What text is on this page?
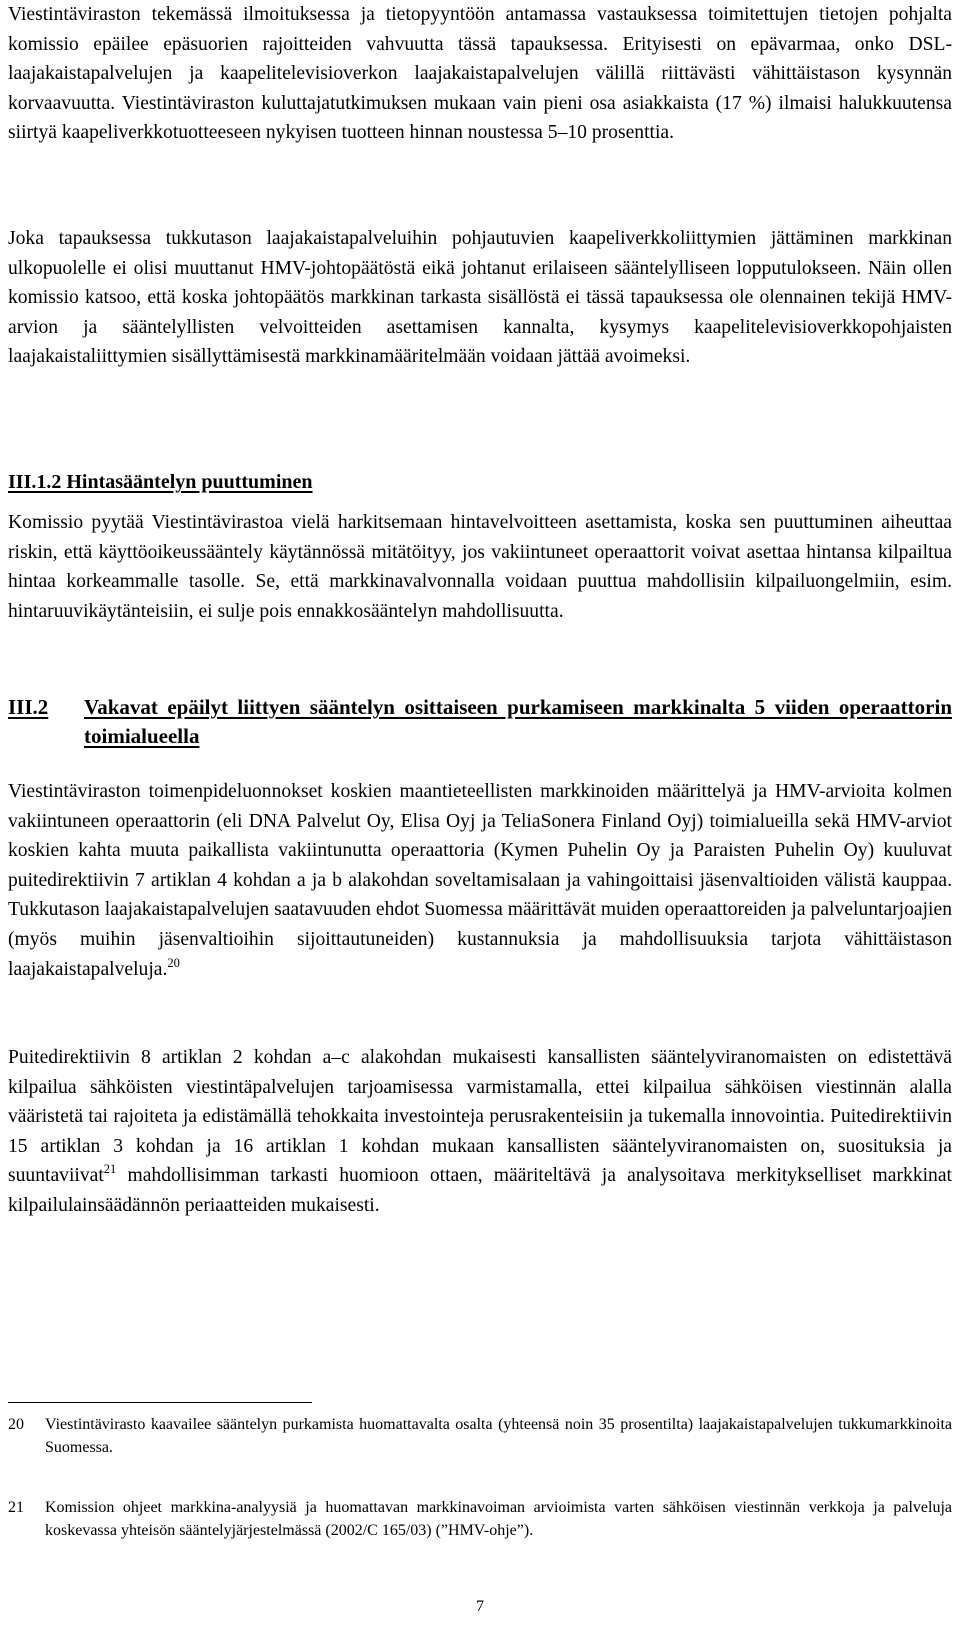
Viestintäviraston tekemässä ilmoituksessa ja tietopyyntöön antamassa vastauksessa toimitettujen tietojen pohjalta komissio epäilee epäsuorien rajoitteiden vahvuutta tässä tapauksessa. Erityisesti on epävarmaa, onko DSL-laajakaistapalvelujen ja kaapelitelevisioverkon laajakaistapalvelujen välillä riittävästi vähittäistason kysynnän korvaavuutta. Viestintäviraston kuluttajatutkimuksen mukaan vain pieni osa asiakkaista (17 %) ilmaisi halukkuutensa siirtyä kaapeliverkkotuotteeseen nykyisen tuotteen hinnan noustessa 5–10 prosenttia.

Joka tapauksessa tukkutason laajakaistapalveluihin pohjautuvien kaapeliverkkoliittymien jättäminen markkinan ulkopuolelle ei olisi muuttanut HMV-johtopäätöstä eikä johtanut erilaiseen sääntelylliseen lopputulokseen. Näin ollen komissio katsoo, että koska johtopäätös markkinan tarkasta sisällöstä ei tässä tapauksessa ole olennainen tekijä HMV-arvion ja sääntelyllisten velvoitteiden asettamisen kannalta, kysymys kaapelitelevisioverkkopohjaisten laajakaistaliittymien sisällyttämisestä markkinamääritelmään voidaan jättää avoimeksi.

III.1.2 Hintasääntelyn puuttuminen

Komissio pyytää Viestintävirastoa vielä harkitsemaan hintavelvoitteen asettamista, koska sen puuttuminen aiheuttaa riskin, että käyttöoikeussääntely käytännössä mitätöityy, jos vakiintuneet operaattorit voivat asettaa hintansa kilpailtua hintaa korkeammalle tasolle. Se, että markkinavalvonnalla voidaan puuttua mahdollisiin kilpailuongelmiin, esim. hintaruuvikäytänteisiin, ei sulje pois ennakkosääntelyn mahdollisuutta.

III.2	Vakavat epäilyt liittyen sääntelyn osittaiseen purkamiseen markkinalta 5 viiden operaattorin toimialueella

Viestintäviraston toimenpideluonnokset koskien maantieteellisten markkinoiden määrittelyä ja HMV-arvioita kolmen vakiintuneen operaattorin (eli DNA Palvelut Oy, Elisa Oyj ja TeliaSonera Finland Oyj) toimialueilla sekä HMV-arviot koskien kahta muuta paikallista vakiintunutta operaattoria (Kymen Puhelin Oy ja Paraisten Puhelin Oy) kuuluvat puitedirektiivin 7 artiklan 4 kohdan a ja b alakohdan soveltamisalaan ja vahingoittaisi jäsenvaltioiden välistä kauppaa. Tukkutason laajakaistapalvelujen saatavuuden ehdot Suomessa määrittävät muiden operaattoreiden ja palveluntarjoajien (myös muihin jäsenvaltioihin sijoittautuneiden) kustannuksia ja mahdollisuuksia tarjota vähittäistason laajakaistapalveluja.$^{20}$

Puitedirektiivin 8 artiklan 2 kohdan a–c alakohdan mukaisesti kansallisten sääntelyviranomaisten on edistettävä kilpailua sähköisten viestintäpalvelujen tarjoamisessa varmistamalla, ettei kilpailua sähköisen viestinnän alalla vääristetä tai rajoiteta ja edistämällä tehokkaita investointeja perusrakenteisiin ja tukemalla innovointia. Puitedirektiivin 15 artiklan 3 kohdan ja 16 artiklan 1 kohdan mukaan kansallisten sääntelyviranomaisten on, suosituksia ja suuntaviivat$^{21}$ mahdollisimman tarkasti huomioon ottaen, määriteltävä ja analysoitava merkitykselliset markkinat kilpailulainsäädännön periaatteiden mukaisesti.

20	Viestintävirasto kaavailee sääntelyn purkamista huomattavalta osalta (yhteensä noin 35 prosentilta) laajakaistapalvelujen tukkumarkkinoita Suomessa.
21	Komission ohjeet markkina-analyysiä ja huomattavan markkinavoiman arvioimista varten sähköisen viestinnän verkkoja ja palveluja koskevassa yhteisön sääntelyjärjestelmässä (2002/C 165/03) (”HMV-ohje”).
7
